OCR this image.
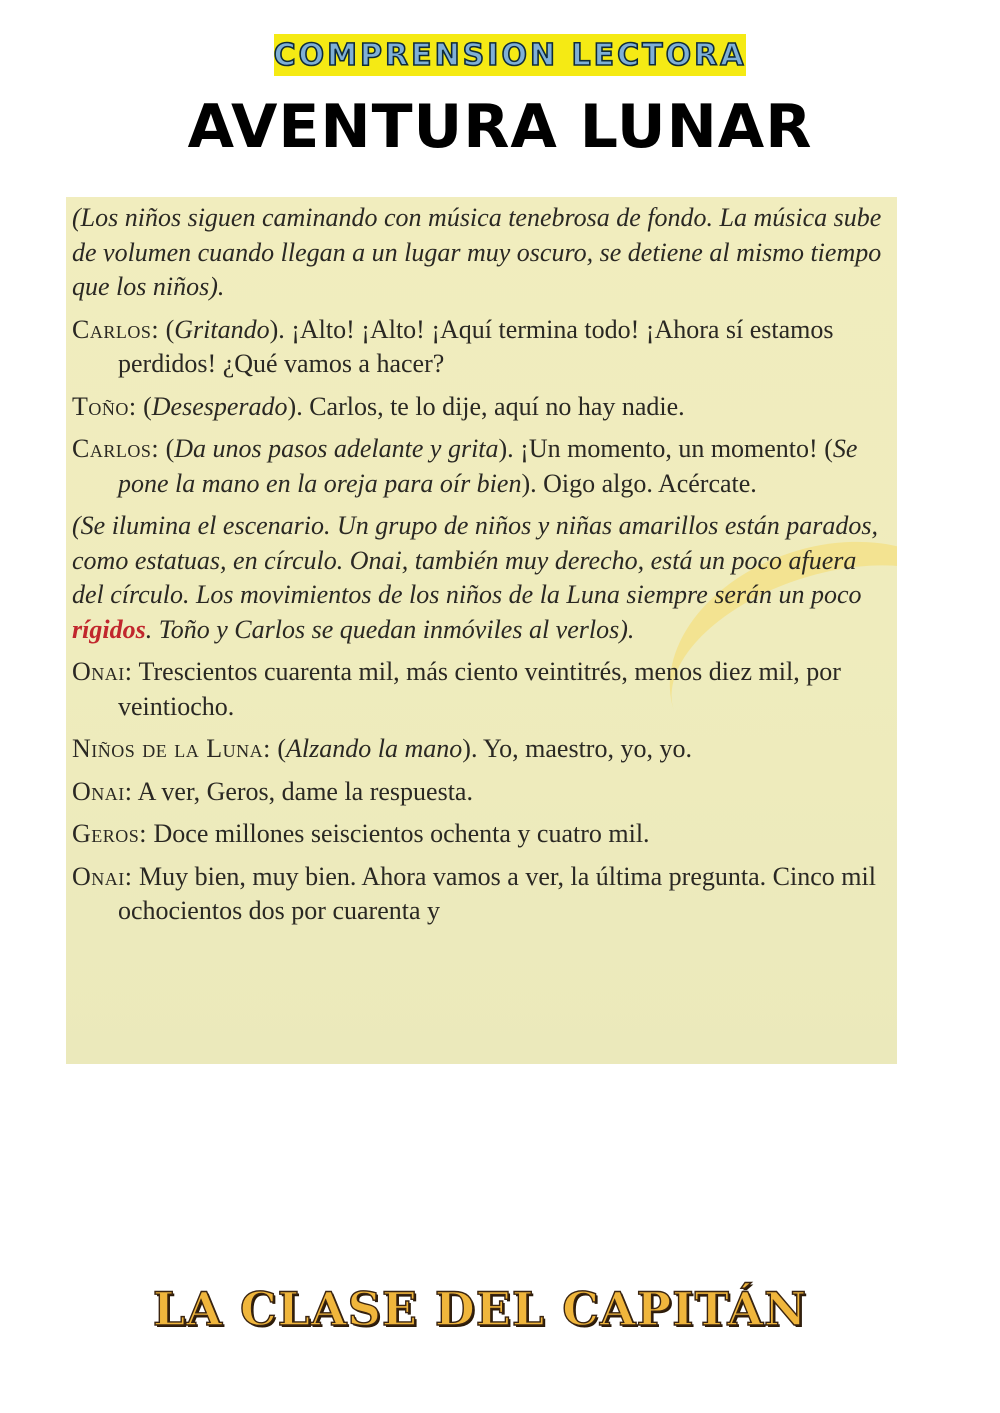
COMPRENSION LECTORA
AVENTURA LUNAR

(Los niños siguen caminando con música tenebrosa de fondo. La música sube de volumen cuando llegan a un lugar muy oscuro, se detiene al mismo tiempo que los niños).

Carlos: (Gritando). ¡Alto! ¡Alto! ¡Aquí termina todo! ¡Ahora sí estamos perdidos! ¿Qué vamos a hacer?

Toño: (Desesperado). Carlos, te lo dije, aquí no hay nadie.

Carlos: (Da unos pasos adelante y grita). ¡Un momento, un momento! (Se pone la mano en la oreja para oír bien). Oigo algo. Acércate.

(Se ilumina el escenario. Un grupo de niños y niñas amarillos están parados, como estatuas, en círculo. Onai, también muy derecho, está un poco afuera del círculo. Los movimientos de los niños de la Luna siempre serán un poco rígidos. Toño y Carlos se quedan inmóviles al verlos).

Onai: Trescientos cuarenta mil, más ciento veintitrés, menos diez mil, por veintiocho.

Niños de la Luna: (Alzando la mano). Yo, maestro, yo, yo.

Onai: A ver, Geros, dame la respuesta.

Geros: Doce millones seiscientos ochenta y cuatro mil.

Onai: Muy bien, muy bien. Ahora vamos a ver, la última pregunta. Cinco mil ochocientos dos por cuarenta y

LA CLASE DEL CAPITÁN
